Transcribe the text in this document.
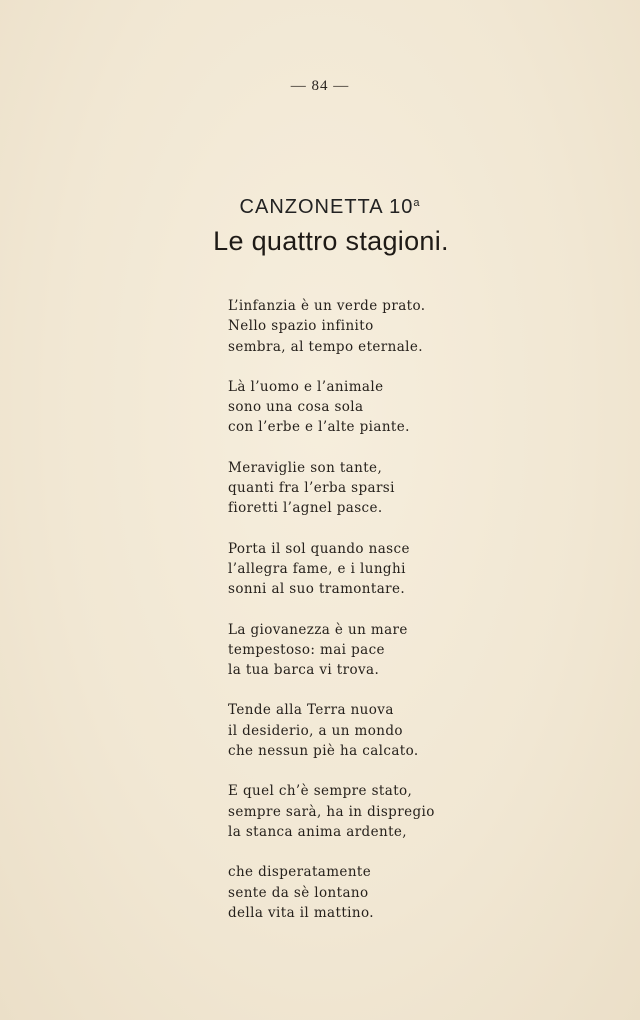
— 84 —
CANZONETTA 10$^a$
Le quattro stagioni.
L’infanzia è un verde prato.
Nello spazio infinito
sembra, al tempo eternale.
Là l’uomo e l’animale
sono una cosa sola
con l’erbe e l’alte piante.
Meraviglie son tante,
quanti fra l’erba sparsi
fioretti l’agnel pasce.
Porta il sol quando nasce
l’allegra fame, e i lunghi
sonni al suo tramontare.
La giovanezza è un mare
tempestoso: mai pace
la tua barca vi trova.
Tende alla Terra nuova
il desiderio, a un mondo
che nessun piè ha calcato.
E quel ch’è sempre stato,
sempre sarà, ha in dispregio
la stanca anima ardente,
che disperatamente
sente da sè lontano
della vita il mattino.
